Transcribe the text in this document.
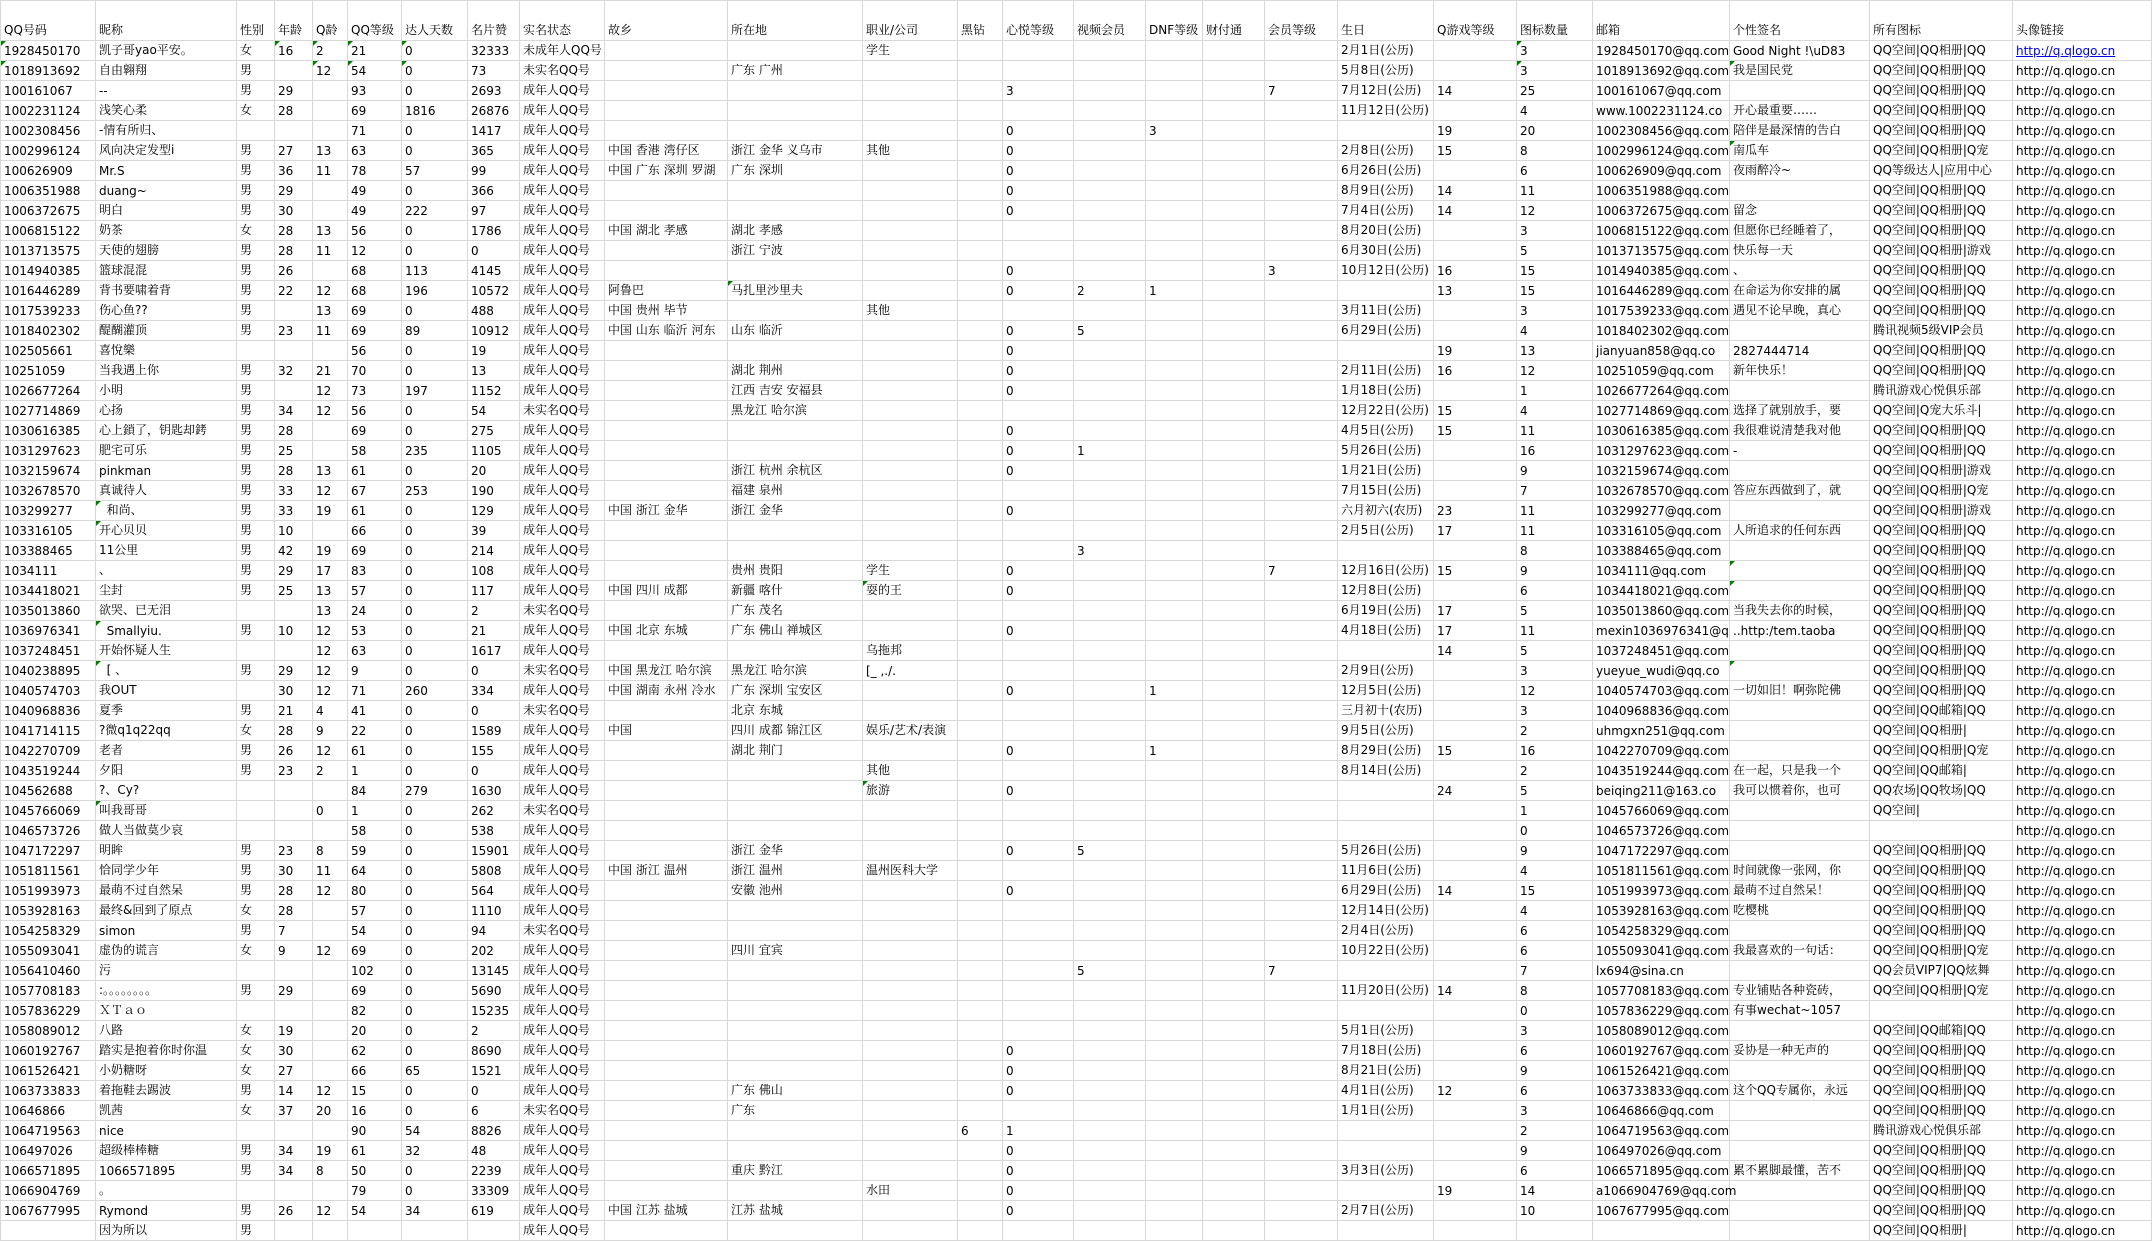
QQ号码	昵称	性别	年龄	Q龄	QQ等级	达人天数	名片赞	实名状态	故乡	所在地	职业/公司	黑钻	心悦等级	视频会员	DNF等级	财付通	会员等级	生日	Q游戏等级	图标数量	邮箱	个性签名	所有图标	头像链接
1928450170	凯子哥yao平安。	女	16	2	21	0	32333	未成年人QQ号			学生							2月1日(公历)		3	1928450170@qq.com	Good Night !\uD83	QQ空间|QQ相册|QQ	http://q.qlogo.cn
1018913692	自由翱翔	男		12	54	0	73	未实名QQ号		广东 广州								5月8日(公历)		3	1018913692@qq.com	我是国民党	QQ空间|QQ相册|QQ	http://q.qlogo.cn
100161067	--	男	29		93	0	2693	成年人QQ号					3				7	7月12日(公历)	14	25	100161067@qq.com		QQ空间|QQ相册|QQ	http://q.qlogo.cn
1002231124	浅笑心柔	女	28		69	1816	26876	成年人QQ号										11月12日(公历)		4	www.1002231124.co	开心最重要……	QQ空间|QQ相册|QQ	http://q.qlogo.cn
1002308456	-情有所归、				71	0	1417	成年人QQ号					0		3				19	20	1002308456@qq.com	陪伴是最深情的告白	QQ空间|QQ相册|QQ	http://q.qlogo.cn
1002996124	风向决定发型i	男	27	13	63	0	365	成年人QQ号	中国 香港 湾仔区	浙江 金华 义乌市	其他		0					2月8日(公历)	15	8	1002996124@qq.com	南瓜车	QQ空间|QQ相册|Q宠	http://q.qlogo.cn
100626909	Mr.S	男	36	11	78	57	99	成年人QQ号	中国 广东 深圳 罗湖	广东 深圳			0					6月26日(公历)		6	100626909@qq.com	夜雨醉冷~	QQ等级达人|应用中心	http://q.qlogo.cn
1006351988	duang~	男	29		49	0	366	成年人QQ号					0					8月9日(公历)	14	11	1006351988@qq.com		QQ空间|QQ相册|QQ	http://q.qlogo.cn
1006372675	明白	男	30		49	222	97	成年人QQ号					0					7月4日(公历)	14	12	1006372675@qq.com	留念	QQ空间|QQ相册|QQ	http://q.qlogo.cn
1006815122	奶茶	女	28	13	56	0	1786	成年人QQ号	中国 湖北 孝感	湖北 孝感								8月20日(公历)		3	1006815122@qq.com	但愿你已经睡着了，	QQ空间|QQ相册|QQ	http://q.qlogo.cn
1013713575	天使的翅膀	男	28	11	12	0	0	成年人QQ号		浙江 宁波								6月30日(公历)		5	1013713575@qq.com	快乐每一天	QQ空间|QQ相册|游戏	http://q.qlogo.cn
1014940385	篮球混混	男	26		68	113	4145	成年人QQ号					0				3	10月12日(公历)	16	15	1014940385@qq.com	、	QQ空间|QQ相册|QQ	http://q.qlogo.cn
1016446289	背书要啸着背	男	22	12	68	196	10572	成年人QQ号	阿鲁巴	马扎里沙里夫			0	2	1				13	15	1016446289@qq.com	在命运为你安排的属	QQ空间|QQ相册|QQ	http://q.qlogo.cn
1017539233	伤心鱼??	男		13	69	0	488	成年人QQ号	中国 贵州 毕节		其他							3月11日(公历)		3	1017539233@qq.com	遇见不论早晚，真心	QQ空间|QQ相册|QQ	http://q.qlogo.cn
1018402302	醍醐灌顶	男	23	11	69	89	10912	成年人QQ号	中国 山东 临沂 河东	山东 临沂			0	5				6月29日(公历)		4	1018402302@qq.com		腾讯视频5级VIP会员	http://q.qlogo.cn
102505661	喜悅樂				56	0	19	成年人QQ号					0						19	13	jianyuan858@qq.co	2827444714	QQ空间|QQ相册|QQ	http://q.qlogo.cn
10251059	当我遇上你	男	32	21	70	0	13	成年人QQ号		湖北 荆州			0					2月11日(公历)	16	12	10251059@qq.com	新年快乐！	QQ空间|QQ相册|QQ	http://q.qlogo.cn
1026677264	小明	男		12	73	197	1152	成年人QQ号		江西 吉安 安福县			0					1月18日(公历)		1	1026677264@qq.com		腾讯游戏心悦俱乐部	http://q.qlogo.cn
1027714869	心扬	男	34	12	56	0	54	未实名QQ号		黑龙江 哈尔滨								12月22日(公历)	15	4	1027714869@qq.com	选择了就别放手，要	QQ空间|Q宠大乐斗|	http://q.qlogo.cn
1030616385	心上鎖了，钥匙却銬	男	28		69	0	275	成年人QQ号					0					4月5日(公历)	15	11	1030616385@qq.com	我很难说清楚我对他	QQ空间|QQ相册|QQ	http://q.qlogo.cn
1031297623	肥宅可乐	男	25		58	235	1105	成年人QQ号					0	1				5月26日(公历)		16	1031297623@qq.com	-	QQ空间|QQ相册|QQ	http://q.qlogo.cn
1032159674	pinkman	男	28	13	61	0	20	成年人QQ号		浙江 杭州 余杭区			0					1月21日(公历)		9	1032159674@qq.com		QQ空间|QQ相册|游戏	http://q.qlogo.cn
1032678570	真诚待人	男	33	12	67	253	190	成年人QQ号		福建 泉州								7月15日(公历)		7	1032678570@qq.com	答应东西做到了，就	QQ空间|QQ相册|Q宠	http://q.qlogo.cn
103299277	和尚、	男	33	19	61	0	129	成年人QQ号	中国 浙江 金华	浙江 金华			0					六月初六(农历)	23	11	103299277@qq.com		QQ空间|QQ相册|游戏	http://q.qlogo.cn
103316105	开心贝贝	男	10		66	0	39	成年人QQ号										2月5日(公历)	17	11	103316105@qq.com	人所追求的任何东西	QQ空间|QQ相册|QQ	http://q.qlogo.cn
103388465	11公里	男	42	19	69	0	214	成年人QQ号						3						8	103388465@qq.com		QQ空间|QQ相册|QQ	http://q.qlogo.cn
1034111	、	男	29	17	83	0	108	成年人QQ号		贵州 贵阳	学生		0				7	12月16日(公历)	15	9	1034111@qq.com		QQ空间|QQ相册|QQ	http://q.qlogo.cn
1034418021	尘封	男	25	13	57	0	117	成年人QQ号	中国 四川 成都	新疆 喀什	耍的王		0					12月8日(公历)		6	1034418021@qq.com		QQ空间|QQ相册|QQ	http://q.qlogo.cn
1035013860	欲哭、已无泪			13	24	0	2	未实名QQ号		广东 茂名								6月19日(公历)	17	5	1035013860@qq.com	当我失去你的时候，	QQ空间|QQ相册|QQ	http://q.qlogo.cn
1036976341	Smallyiu.	男	10	12	53	0	21	成年人QQ号	中国 北京 东城	广东 佛山 禅城区			0					4月18日(公历)	17	11	mexin1036976341@q	..http:/tem.taoba	QQ空间|QQ相册|QQ	http://q.qlogo.cn
1037248451	开始怀疑人生			12	63	0	1617	成年人QQ号			乌拖邦								14	5	1037248451@qq.com		QQ空间|QQ相册|QQ	http://q.qlogo.cn
1040238895	[ 、	男	29	12	9	0	0	未实名QQ号	中国 黑龙江 哈尔滨	黑龙江 哈尔滨	[_ ,./.							2月9日(公历)		3	yueyue_wudi@qq.co		QQ空间|QQ相册|QQ	http://q.qlogo.cn
1040574703	我OUT		30	12	71	260	334	成年人QQ号	中国 湖南 永州 冷水	广东 深圳 宝安区			0		1			12月5日(公历)		12	1040574703@qq.com	一切如旧！啊弥陀佛	QQ空间|QQ相册|QQ	http://q.qlogo.cn
1040968836	夏季	男	21	4	41	0	0	未实名QQ号		北京 东城								三月初十(农历)		3	1040968836@qq.com		QQ空间|QQ邮箱|QQ	http://q.qlogo.cn
1041714115	?微q1q22qq	女	28	9	22	0	1589	成年人QQ号	中国	四川 成都 锦江区	娱乐/艺术/表演							9月5日(公历)		2	uhmgxn251@qq.com		QQ空间|QQ相册|	http://q.qlogo.cn
1042270709	老者	男	26	12	61	0	155	成年人QQ号		湖北 荆门			0		1			8月29日(公历)	15	16	1042270709@qq.com		QQ空间|QQ相册|Q宠	http://q.qlogo.cn
1043519244	夕阳	男	23	2	1	0	0	成年人QQ号			其他							8月14日(公历)		2	1043519244@qq.com	在一起，只是我一个	QQ空间|QQ邮箱|	http://q.qlogo.cn
104562688	?、Cy?				84	279	1630	成年人QQ号			旅游		0						24	5	beiqing211@163.co	我可以惯着你，也可	QQ农场|QQ牧场|QQ	http://q.qlogo.cn
1045766069	叫我哥哥			0	1	0	262	未实名QQ号												1	1045766069@qq.com		QQ空间|	http://q.qlogo.cn
1046573726	做人当做莫少哀				58	0	538	成年人QQ号												0	1046573726@qq.com			http://q.qlogo.cn
1047172297	明眸	男	23	8	59	0	15901	成年人QQ号		浙江 金华			0	5				5月26日(公历)		9	1047172297@qq.com		QQ空间|QQ相册|QQ	http://q.qlogo.cn
1051811561	恰同学少年	男	30	11	64	0	5808	成年人QQ号	中国 浙江 温州	浙江 温州	温州医科大学							11月6日(公历)		4	1051811561@qq.com	时间就像一张网，你	QQ空间|QQ相册|QQ	http://q.qlogo.cn
1051993973	最萌不过自然呆	男	28	12	80	0	564	成年人QQ号		安徽 池州			0					6月29日(公历)	14	15	1051993973@qq.com	最萌不过自然呆！	QQ空间|QQ相册|QQ	http://q.qlogo.cn
1053928163	最终&回到了原点	女	28		57	0	1110	成年人QQ号										12月14日(公历)		4	1053928163@qq.com	吃樱桃	QQ空间|QQ相册|QQ	http://q.qlogo.cn
1054258329	simon	男	7		54	0	94	未实名QQ号										2月4日(公历)		6	1054258329@qq.com		QQ空间|QQ相册|QQ	http://q.qlogo.cn
1055093041	虚伪的谎言	女	9	12	69	0	202	成年人QQ号		四川 宜宾								10月22日(公历)		6	1055093041@qq.com	我最喜欢的一句话：	QQ空间|QQ相册|Q宠	http://q.qlogo.cn
1056410460	污				102	0	13145	成年人QQ号						5			7			7	lx694@sina.cn		QQ会员VIP7|QQ炫舞	http://q.qlogo.cn
1057708183	:。。。。。。。。	男	29		69	0	5690	成年人QQ号										11月20日(公历)	14	8	1057708183@qq.com	专业铺贴各种瓷砖，	QQ空间|QQ相册|Q宠	http://q.qlogo.cn
1057836229	ＸＴａｏ				82	0	15235	成年人QQ号												0	1057836229@qq.com	有事wechat~1057		http://q.qlogo.cn
1058089012	八路	女	19		20	0	2	成年人QQ号										5月1日(公历)		3	1058089012@qq.com		QQ空间|QQ邮箱|QQ	http://q.qlogo.cn
1060192767	踏实是抱着你时你温	女	30		62	0	8690	成年人QQ号					0					7月18日(公历)		6	1060192767@qq.com	妥协是一种无声的	QQ空间|QQ相册|QQ	http://q.qlogo.cn
1061526421	小奶糖呀	女	27		66	65	1521	成年人QQ号					0					8月21日(公历)		9	1061526421@qq.com		QQ空间|QQ相册|QQ	http://q.qlogo.cn
1063733833	着拖鞋去踢波	男	14	12	15	0	0	成年人QQ号		广东 佛山			0					4月1日(公历)	12	6	1063733833@qq.com	这个QQ专属你，永远	QQ空间|QQ相册|QQ	http://q.qlogo.cn
10646866	凯茜	女	37	20	16	0	6	未实名QQ号		广东								1月1日(公历)		3	10646866@qq.com		QQ空间|QQ相册|QQ	http://q.qlogo.cn
1064719563	nice				90	54	8826	成年人QQ号				6	1							2	1064719563@qq.com		腾讯游戏心悦俱乐部	http://q.qlogo.cn
106497026	超级棒棒糖	男	34	19	61	32	48	成年人QQ号					0							9	106497026@qq.com		QQ空间|QQ相册|QQ	http://q.qlogo.cn
1066571895	1066571895	男	34	8	50	0	2239	成年人QQ号		重庆 黔江			0					3月3日(公历)		6	1066571895@qq.com	累不累脚最懂，苦不	QQ空间|QQ相册|QQ	http://q.qlogo.cn
1066904769	。				79	0	33309	成年人QQ号			水田		0						19	14	a1066904769@qq.com		QQ空间|QQ相册|QQ	http://q.qlogo.cn
1067677995	Rymond	男	26	12	54	34	619	成年人QQ号	中国 江苏 盐城	江苏 盐城			0					2月7日(公历)		10	1067677995@qq.com		QQ空间|QQ相册|QQ	http://q.qlogo.cn
	因为所以	男						成年人QQ号															QQ空间|QQ相册|	http://q.qlogo.cn
